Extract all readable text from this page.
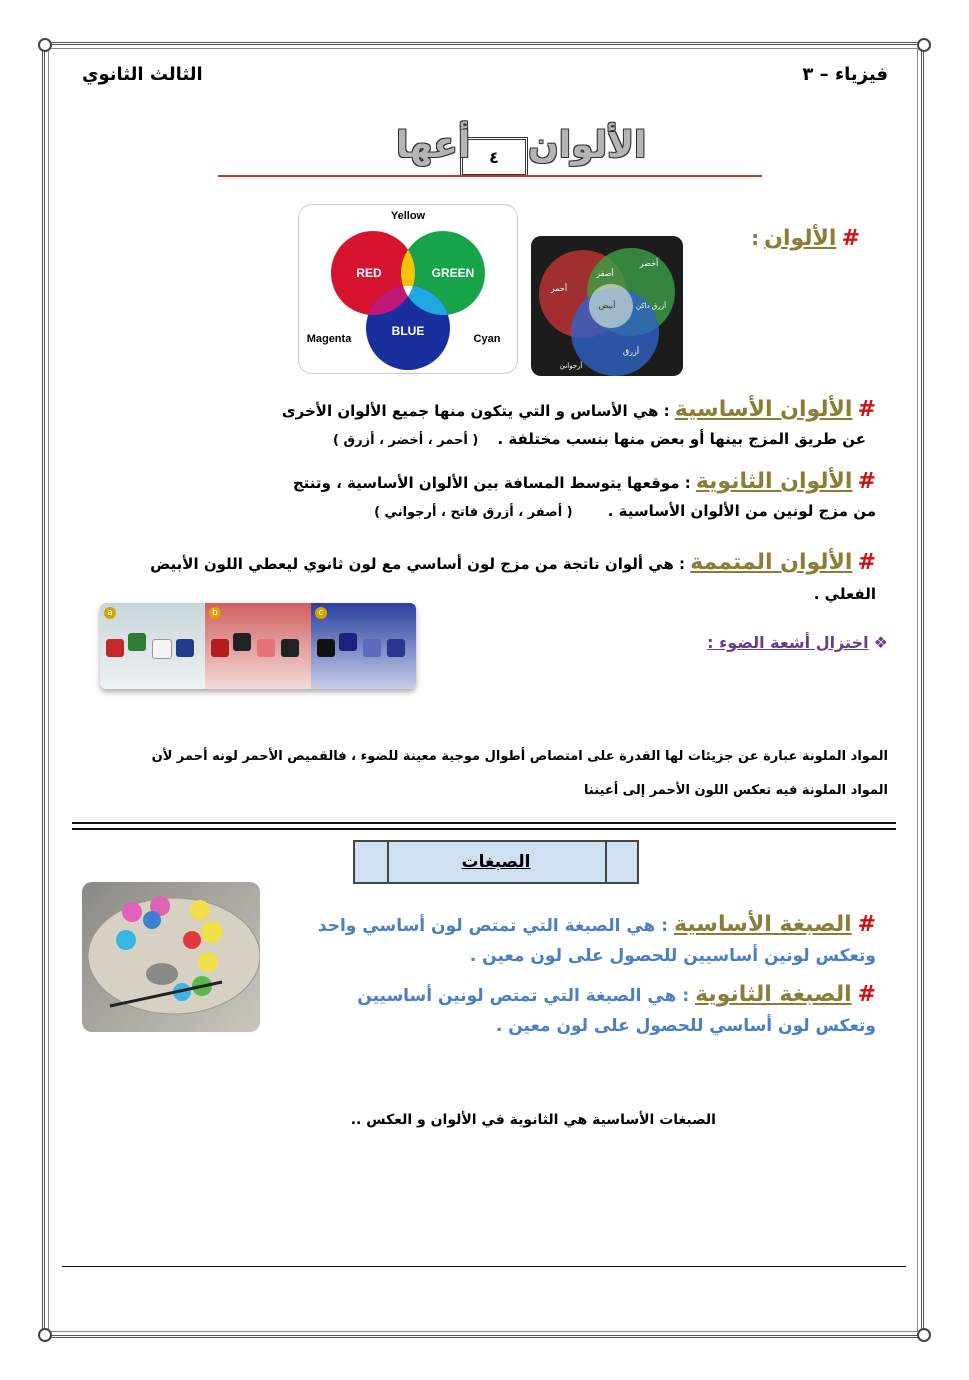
الثالث الثانوي	فيزياء – ٣
الألوان
٤
أعها
Yellow
RED	GREEN
BLUE
Magenta	Cyan
أخضر
أحمر
أصفر
أبيض	أزرق داكن
أزرق
أرجواني
# الألوان :
# الألوان الأساسية : هي الأساس و التي يتكون منها جميع الألوان الأخرى
عن طريق المزج بينها أو بعض منها بنسب مختلفة . ( أحمر ، أخضر ، أزرق )
# الألوان الثانوية : موقعها يتوسط المسافة بين الألوان الأساسية ، وتنتج
من مزج لونين من الألوان الأساسية . ( أصفر ، أزرق فاتح ، أرجواني )
# الألوان المتممة : هي ألوان ناتجة من مزج لون أساسي مع لون ثانوي ليعطي اللون الأبيض الفعلي .
a	b	c
❖ اختزال أشعة الضوء :
المواد الملونة عبارة عن جزيئات لها القدرة على امتصاص أطوال موجية معينة للضوء ، فالقميص الأحمر لونه أحمر لأن
المواد الملونة فيه تعكس اللون الأحمر إلى أعيننا
الصبغات
# الصبغة الأساسية : هي الصبغة التي تمتص لون أساسي واحد
وتعكس لونين أساسيين للحصول على لون معين .
# الصبغة الثانوية : هي الصبغة التي تمتص لونين أساسيين
وتعكس لون أساسي للحصول على لون معين .
الصبغات الأساسية هي الثانوية في الألوان و العكس ..
